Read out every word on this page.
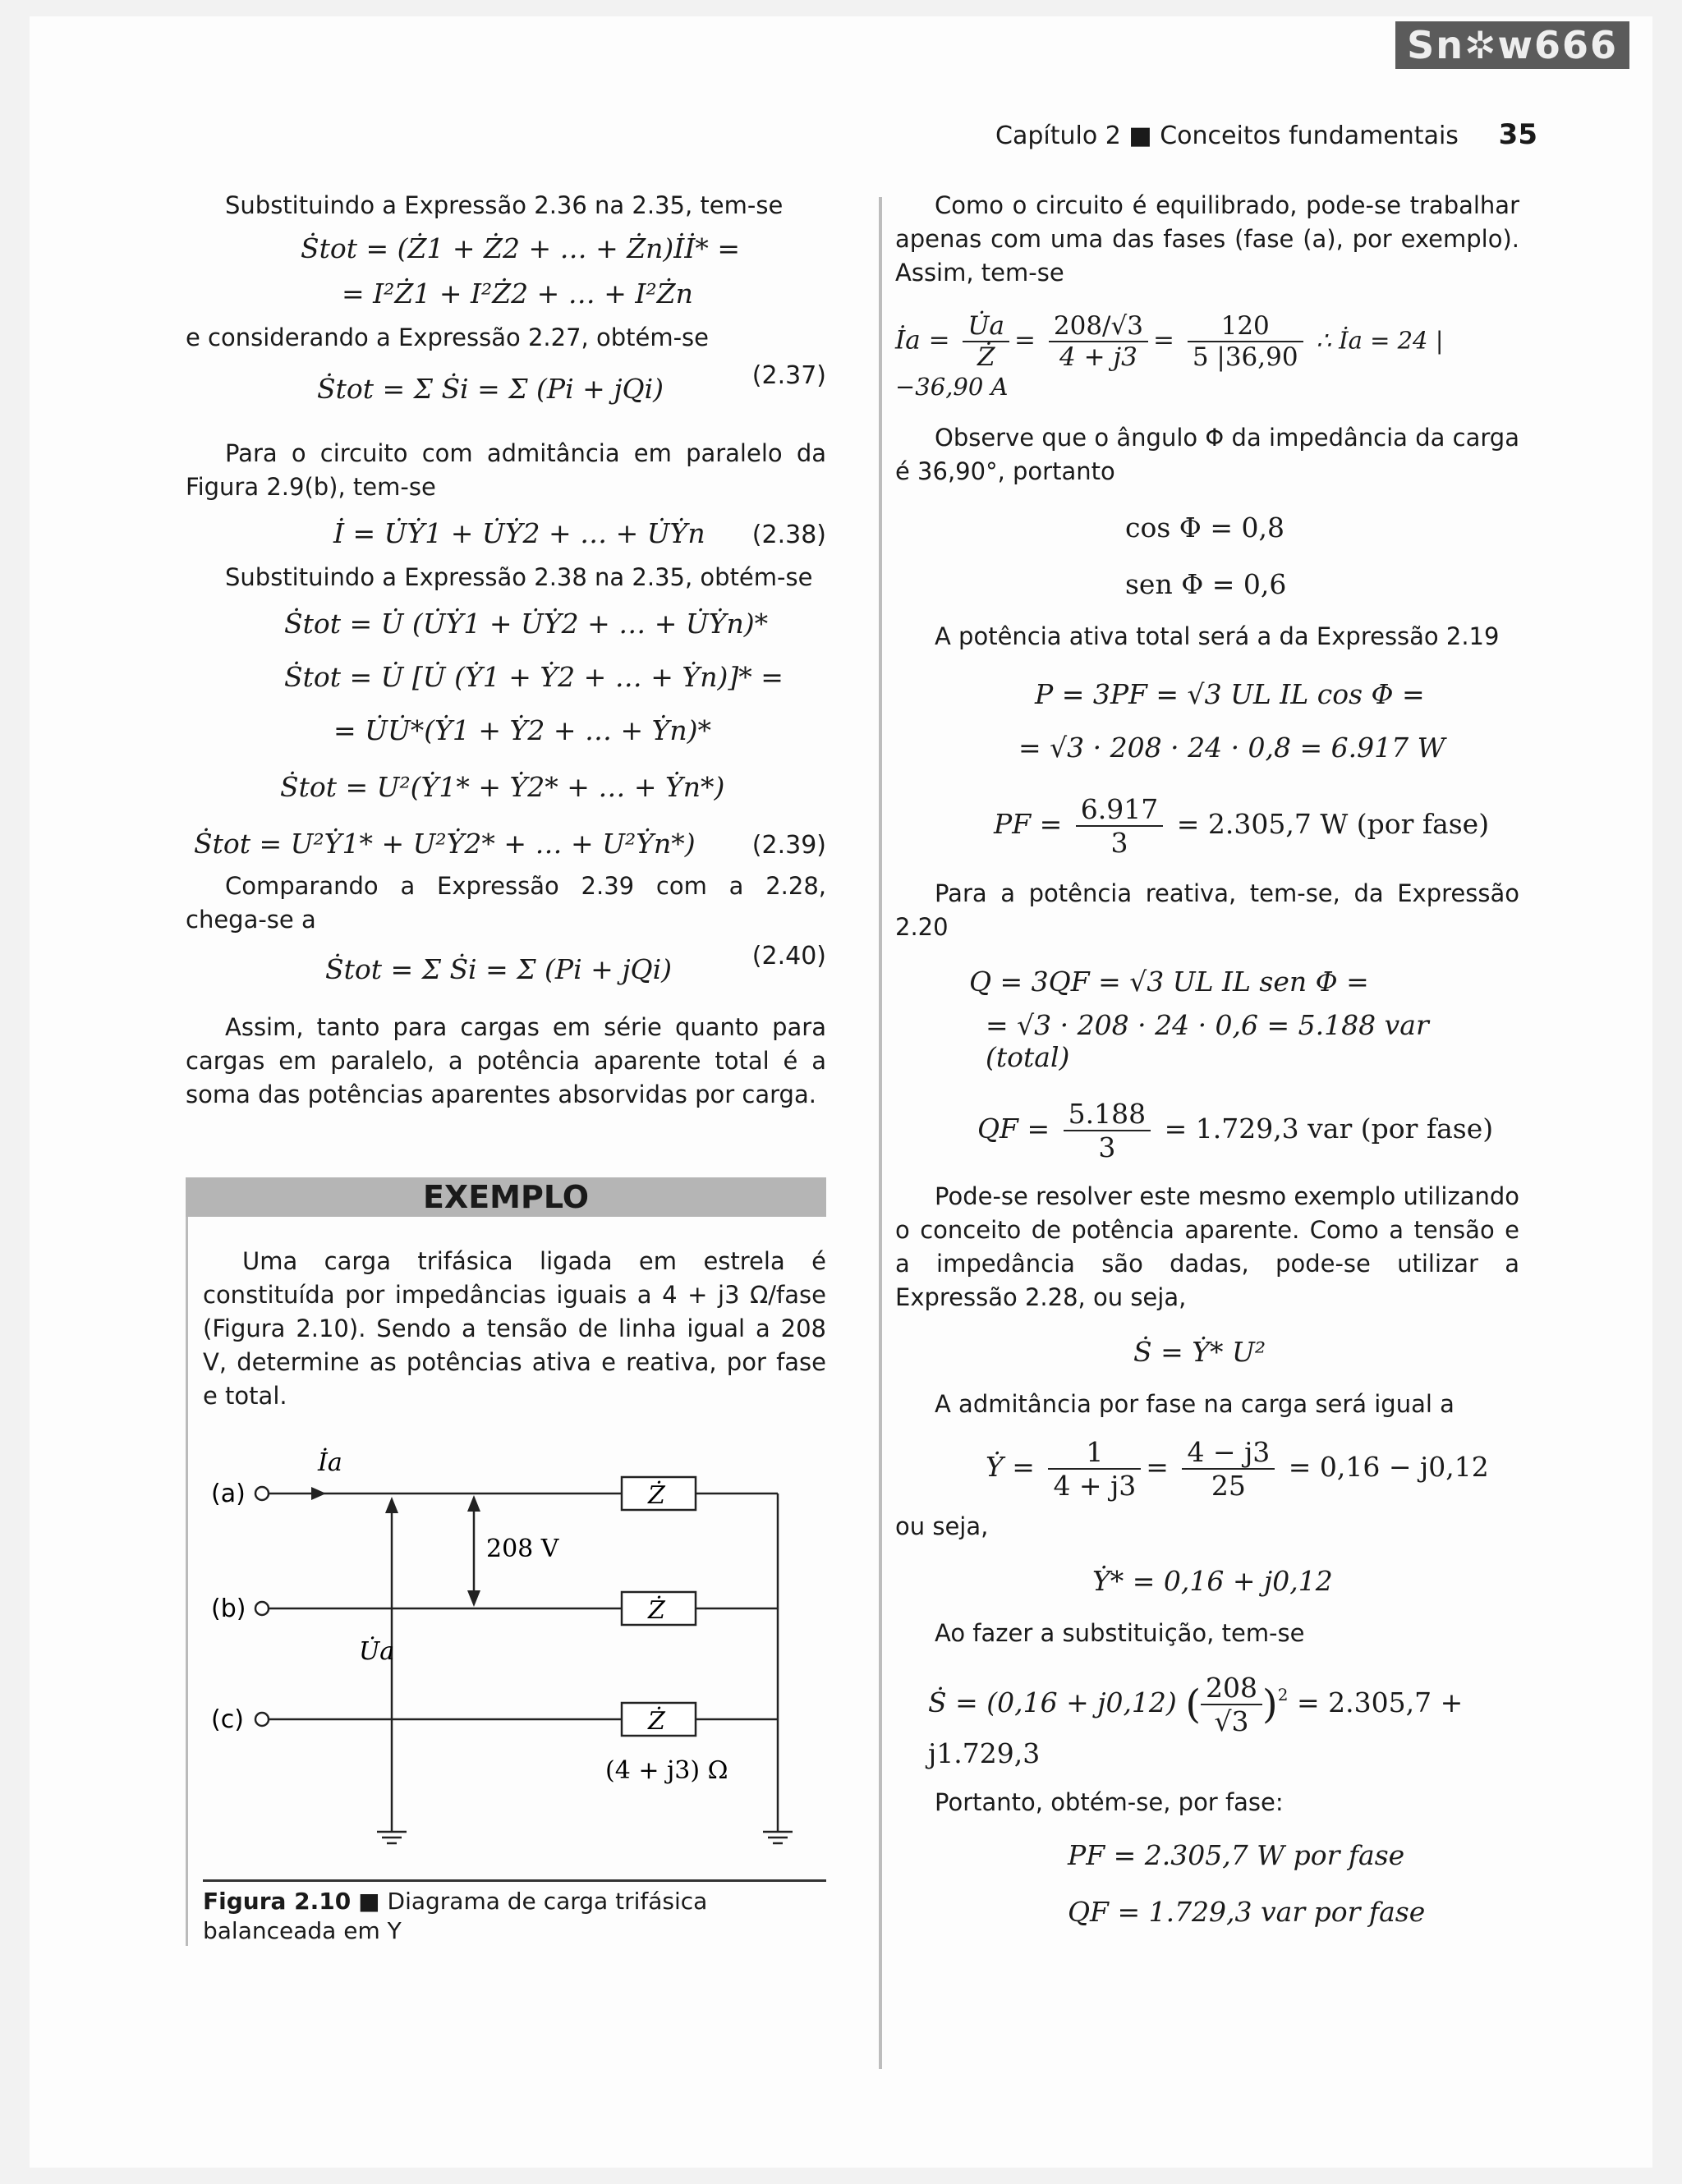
Sn✲w666
Capítulo 2 ■ Conceitos fundamentais 35

Substituindo a Expressão 2.36 na 2.35, tem-se

Ṡtot = (Ż1 + Ż2 + … + Żn)İİ* =
= I²Ż1 + I²Ż2 + … + I²Żn

e considerando a Expressão 2.27, obtém-se

Ṡtot = Σ Ṡi = Σ (Pi + jQi)	(2.37)

Para o circuito com admitância em paralelo da Figura 2.9(b), tem-se

İ = U̇Ẏ1 + U̇Ẏ2 + … + U̇Ẏn (2.38)

Substituindo a Expressão 2.38 na 2.35, obtém-se

Ṡtot = U̇ (U̇Ẏ1 + U̇Ẏ2 + … + U̇Ẏn)*
Ṡtot = U̇ [U̇ (Ẏ1 + Ẏ2 + … + Ẏn)]* =
= U̇U̇*(Ẏ1 + Ẏ2 + … + Ẏn)*
Ṡtot = U²(Ẏ1* + Ẏ2* + … + Ẏn*)
Ṡtot = U²Ẏ1* + U²Ẏ2* + … + U²Ẏn*) (2.39)

Comparando a Expressão 2.39 com a 2.28, chega-se a

Ṡtot = Σ Ṡi = Σ (Pi + jQi)	(2.40)

Assim, tanto para cargas em série quanto para cargas em paralelo, a potência aparente total é a soma das potências aparentes absorvidas por carga.

EXEMPLO

Uma carga trifásica ligada em estrela é constituída por impedâncias iguais a 4 + j3 Ω/fase (Figura 2.10). Sendo a tensão de linha igual a 208 V, determine as potências ativa e reativa, por fase e total.

(a)
(b)
(c)
İa
Ż
Ż
Ż
(4 + j3) Ω
U̇a
208 V
Figura 2.10 ■ Diagrama de carga trifásica balanceada em Y

Como o circuito é equilibrado, pode-se trabalhar apenas com uma das fases (fase (a), por exemplo). Assim, tem-se

İa = $\frac{U̇a}{Ż} = \frac{208/√3}{4 + j3} = \frac{120}{5 |36,90}$ ∴ İa = 24 |−36,90 A

Observe que o ângulo Φ da impedância da carga é 36,90°, portanto

cos Φ = 0,8
sen Φ = 0,6

A potência ativa total será a da Expressão 2.19

P = 3PF = √3 UL IL cos Φ =
= √3 · 208 · 24 · 0,8 = 6.917 W
PF = $\frac{6.917}{3} = 2.305,7$ W (por fase)

Para a potência reativa, tem-se, da Expressão 2.20

Q = 3QF = √3 UL IL sen Φ =
= √3 · 208 · 24 · 0,6 = 5.188 var (total)
QF = $\frac{5.188}{3} = 1.729,3$ var (por fase)

Pode-se resolver este mesmo exemplo utilizando o conceito de potência aparente. Como a tensão e a impedância são dadas, pode-se utilizar a Expressão 2.28, ou seja,

Ṡ = Ẏ* U²

A admitância por fase na carga será igual a

Ẏ = $\frac{1}{4 + j3} = \frac{4 - j3}{25} = 0,16 - j0,12$

ou seja,

Ẏ* = 0,16 + j0,12

Ao fazer a substituição, tem-se

Ṡ = (0,16 + j0,12) ( $\frac{208}{√3} )^2 = 2.305,7 + j1.729,3$

Portanto, obtém-se, por fase:

PF = 2.305,7 W por fase
QF = 1.729,3 var por fase
